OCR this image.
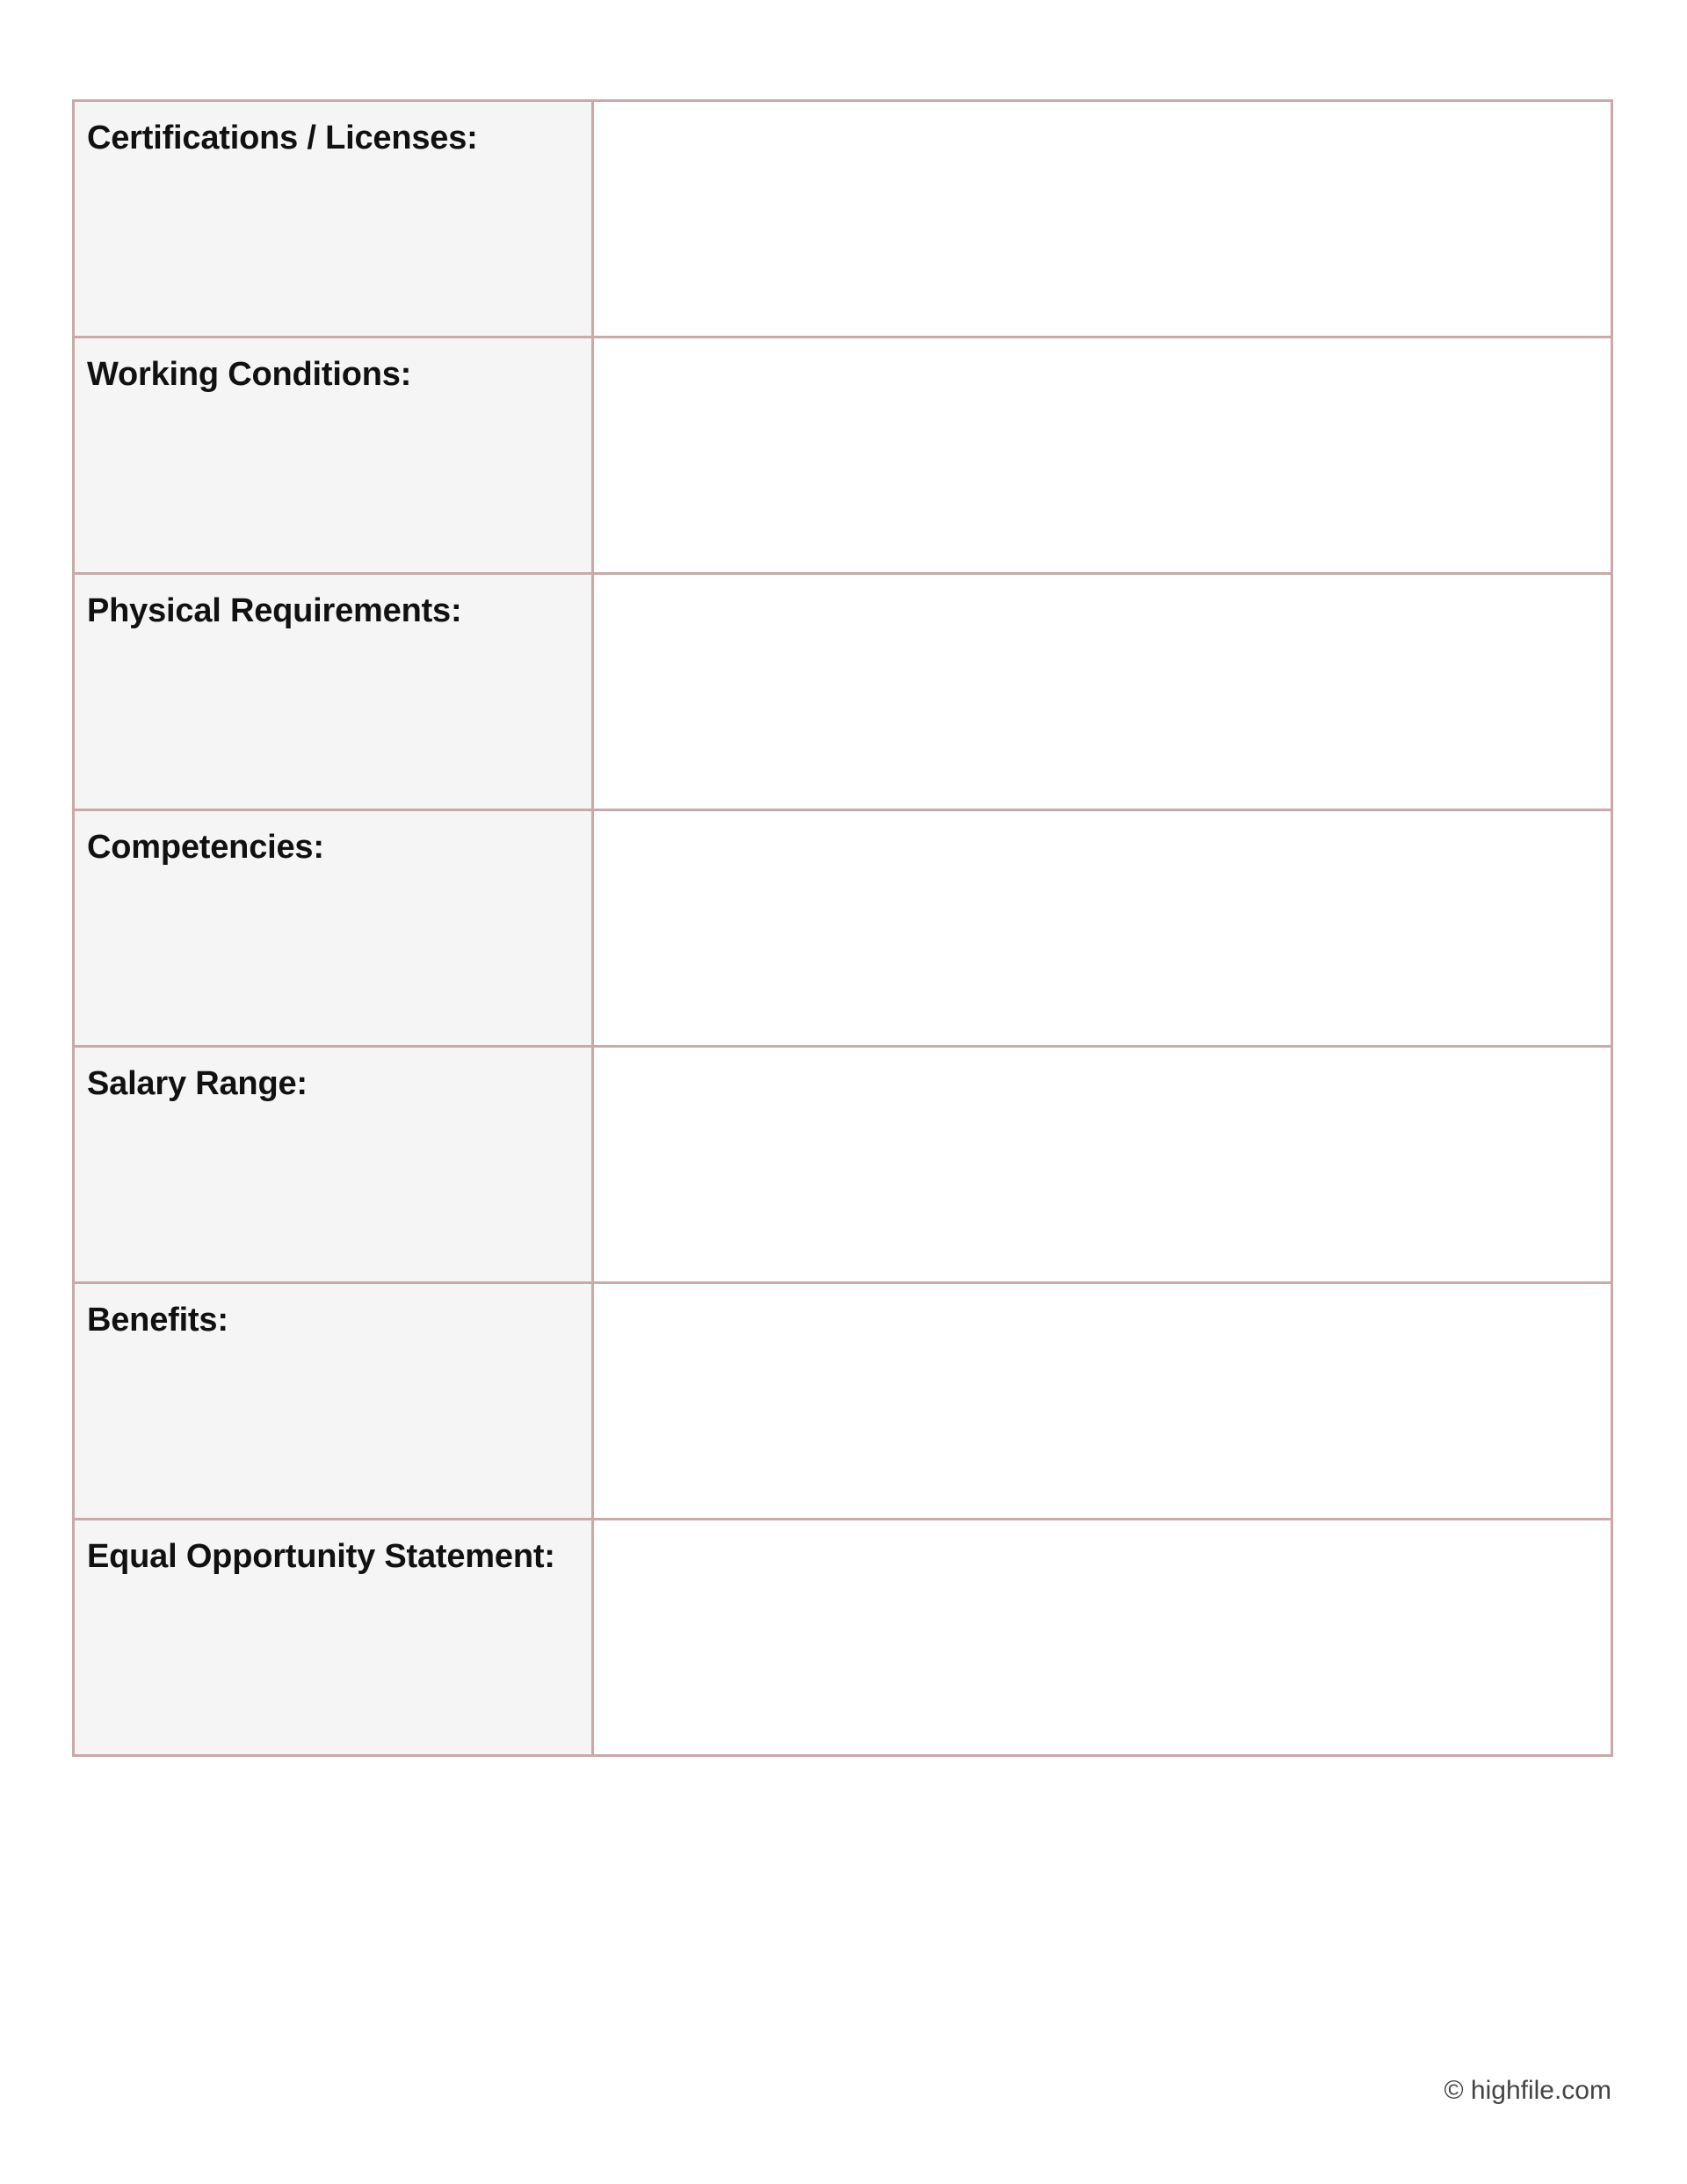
Certifications / Licenses:	

Working Conditions:	

Physical Requirements:	

Competencies:	

Salary Range:	

Benefits:	

Equal Opportunity Statement:	

© highfile.com
